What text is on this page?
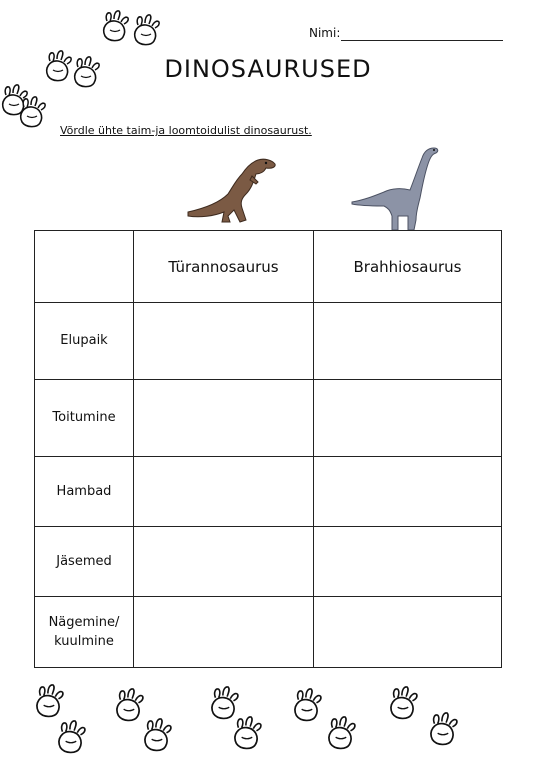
Nimi:
DINOSAURUSED
Võrdle ühte taim-ja loomtoidulist dinosaurust.
	Türannosaurus	Brahhiosaurus
Elupaik		
Toitumine		
Hambad		
Jäsemed		
Nägemine/ kuulmine		
